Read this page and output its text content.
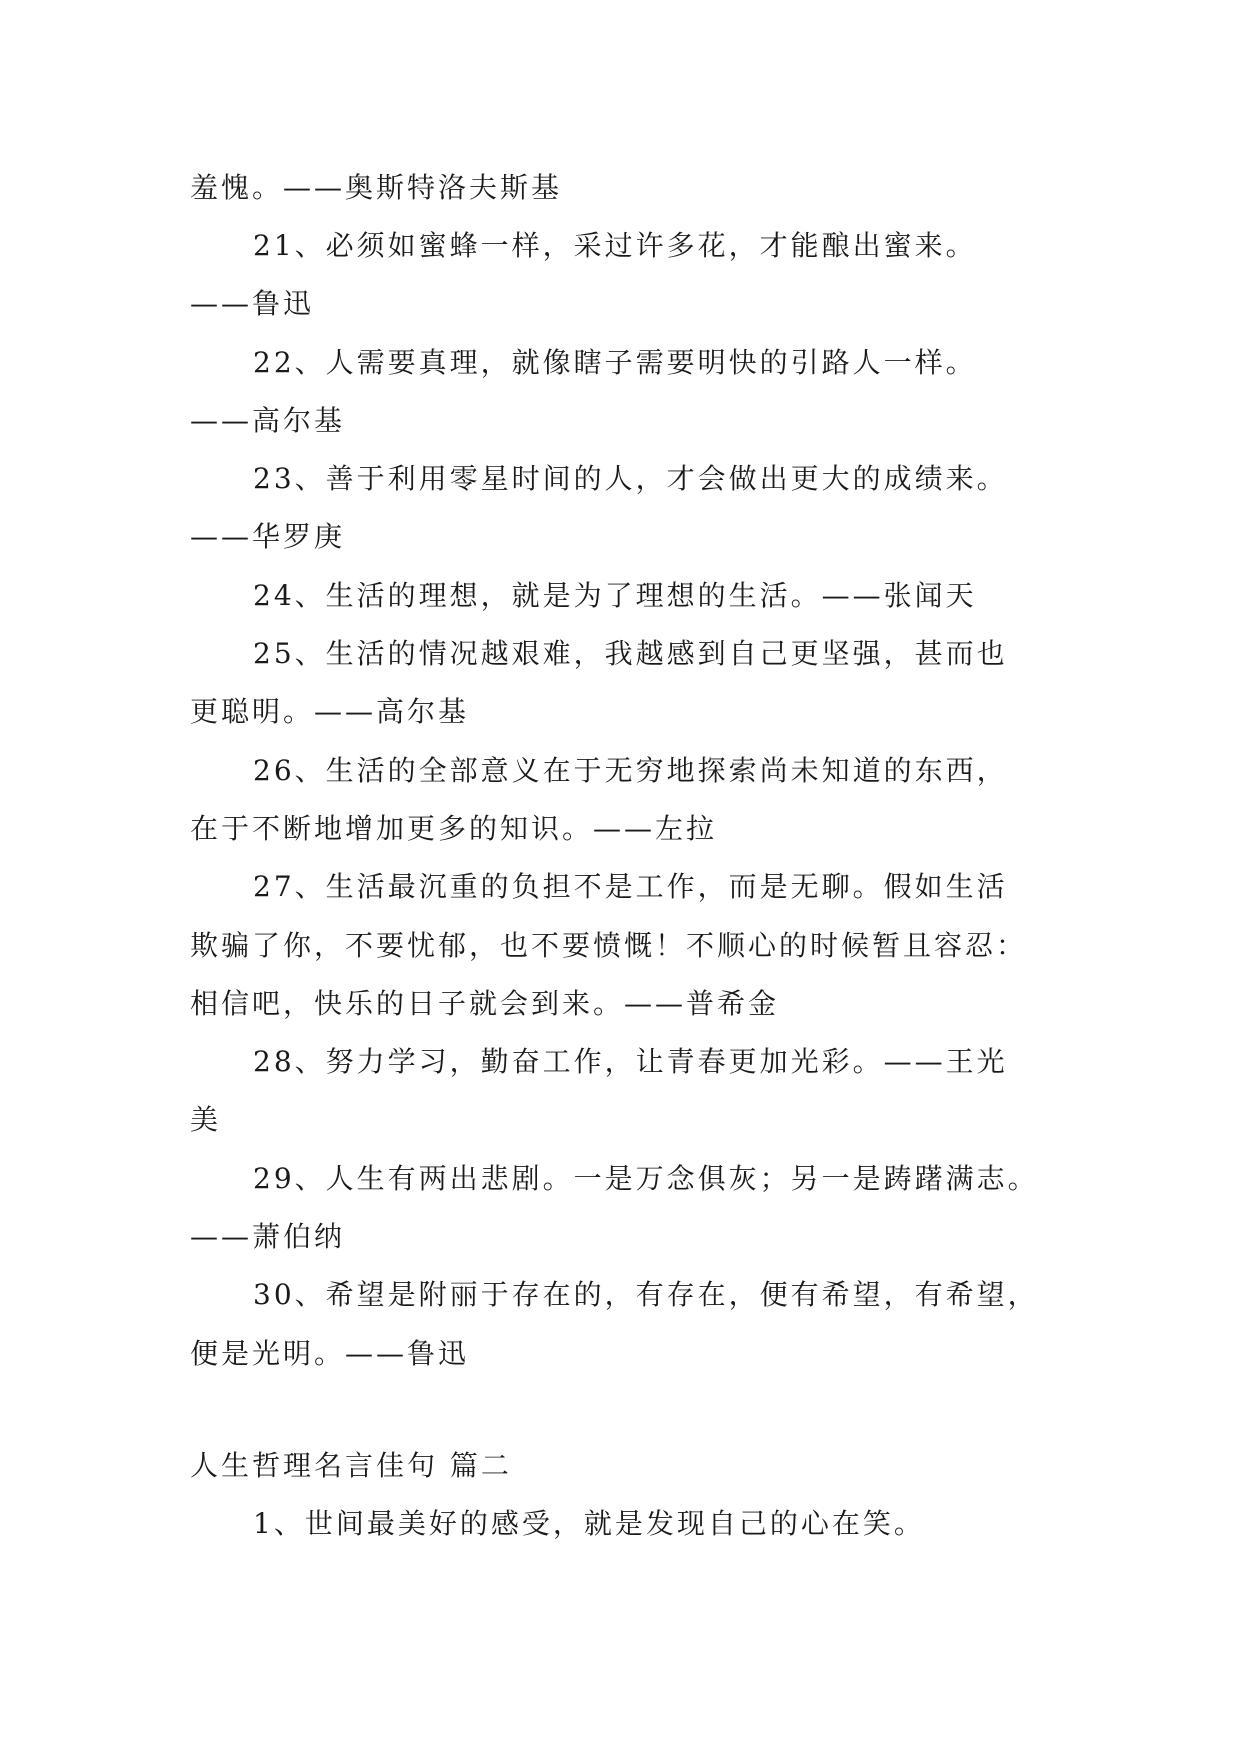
羞愧。——奥斯特洛夫斯基
21、必须如蜜蜂一样，采过许多花，才能酿出蜜来。
——鲁迅
22、人需要真理，就像瞎子需要明快的引路人一样。
——高尔基
23、善于利用零星时间的人，才会做出更大的成绩来。
——华罗庚
24、生活的理想，就是为了理想的生活。——张闻天
25、生活的情况越艰难，我越感到自己更坚强，甚而也
更聪明。——高尔基
26、生活的全部意义在于无穷地探索尚未知道的东西，
在于不断地增加更多的知识。——左拉
27、生活最沉重的负担不是工作，而是无聊。假如生活
欺骗了你，不要忧郁，也不要愤慨！不顺心的时候暂且容忍：
相信吧，快乐的日子就会到来。——普希金
28、努力学习，勤奋工作，让青春更加光彩。——王光
美
29、人生有两出悲剧。一是万念俱灰；另一是踌躇满志。
——萧伯纳
30、希望是附丽于存在的，有存在，便有希望，有希望，
便是光明。——鲁迅
人生哲理名言佳句 篇二
1、世间最美好的感受，就是发现自己的心在笑。
